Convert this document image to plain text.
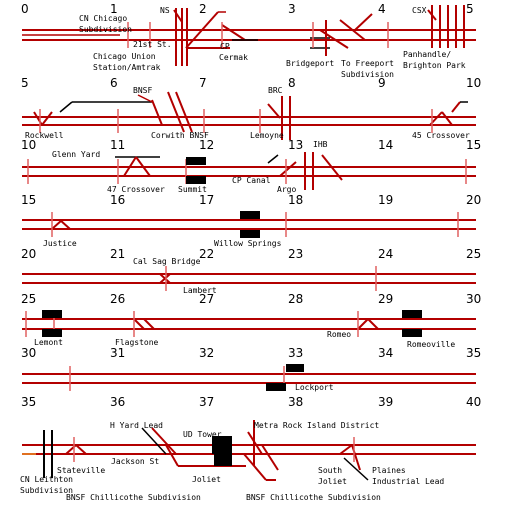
0	1	2	3	4	5
5	6	7	8	9	10
10	11	12	13	14	15
15	16	17	18	19	20
20	21	22	23	24	25
25	26	27	28	29	30
30	31	32	33	34	35
35	36	37	38	39	40
CN Chicago
Subdivision
NS
21st St.
Chicago Union
Station/Amtrak
CP
Cermak
Bridgeport To Freeport
Subdivision
CSX
Panhandle/
Brighton Park
BNSF	BRC
Rockwell	Corwith BNSF	Lemoyne	45 Crossover
Glenn Yard
IHB
47 Crossover Summit
CP Canal
Argo
Justice	Willow Springs
Cal Sag Bridge
Lambert
Lemont	Flagstone
Romeo
Romeoville
Lockport
H Yard Lead
UD Tower
Metra Rock Island District
Jackson St
Stateville
CN Leithton
Subdivision
Joliet
South
Joliet
Plaines
Industrial Lead
BNSF Chillicothe Subdivision	BNSF Chillicothe Subdivision
